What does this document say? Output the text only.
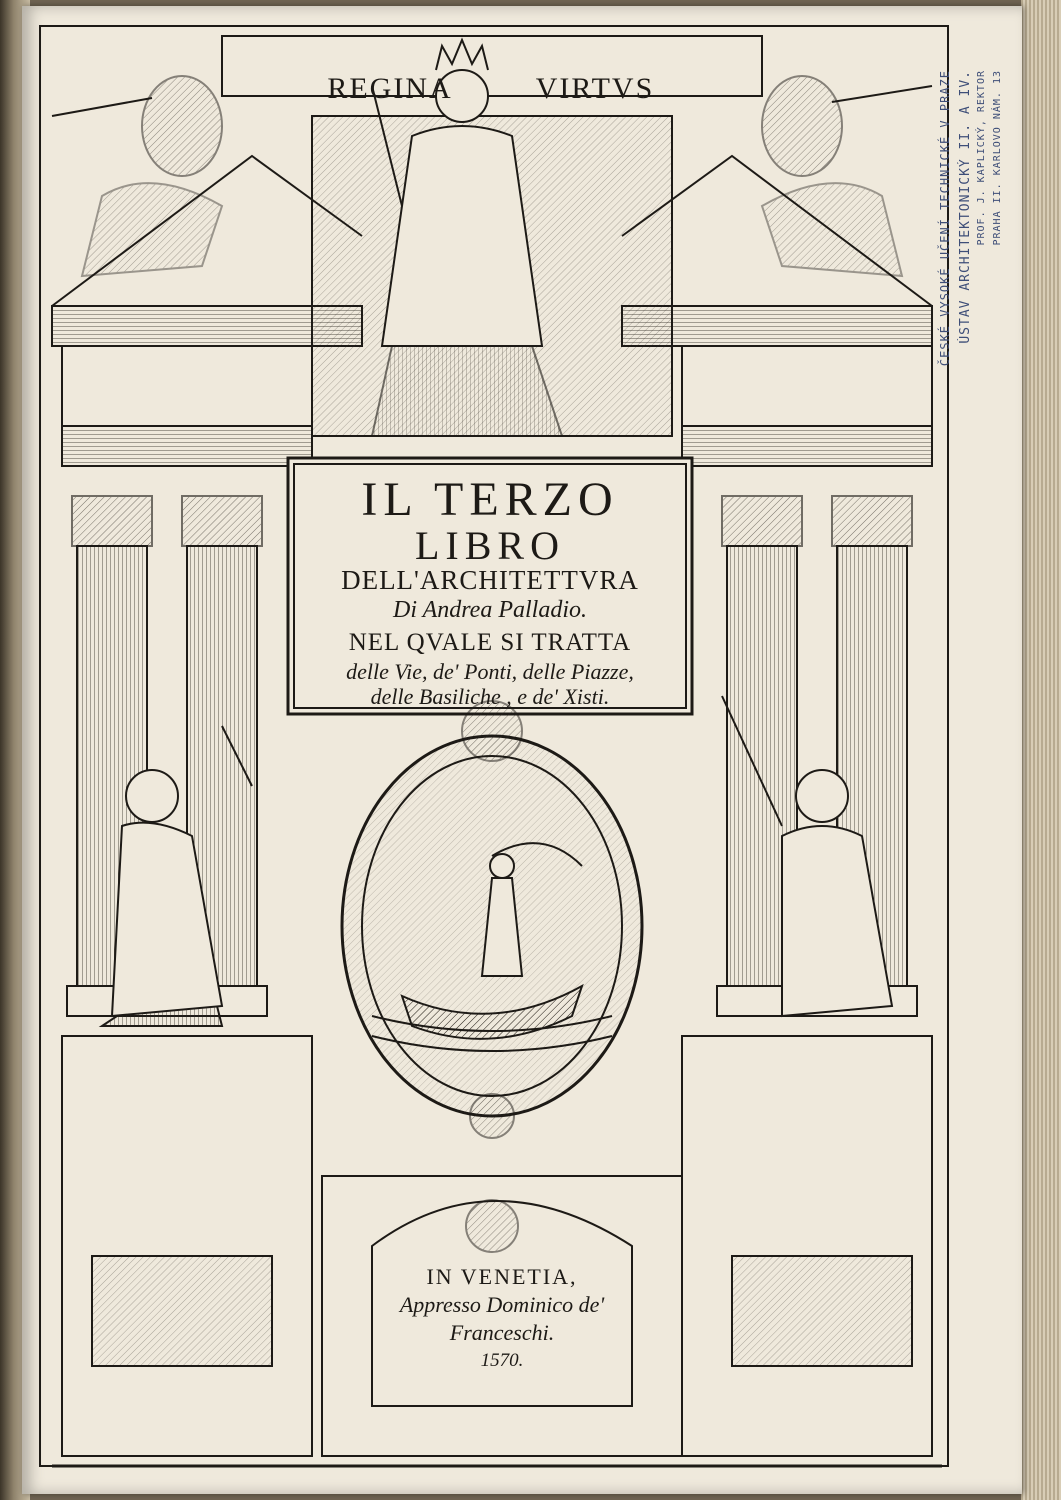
REGINA	VIRTVS
IL TERZO
LIBRO
DELL'ARCHITETTVRA
Di Andrea Palladio.
NEL QVALE SI TRATTA
delle Vie, de' Ponti, delle Piazze,
delle Basiliche , e de' Xisti.
IN VENETIA,
Appresso Dominico de'
Franceschi.
1570.
ČESKÉ VYSOKÉ UČENÍ TECHNICKÉ V PRAZE ÚSTAV ARCHITEKTONICKÝ II. A IV. PROF. J. KAPLICKÝ, REKTOR PRAHA II. KARLOVO NÁM. 13
